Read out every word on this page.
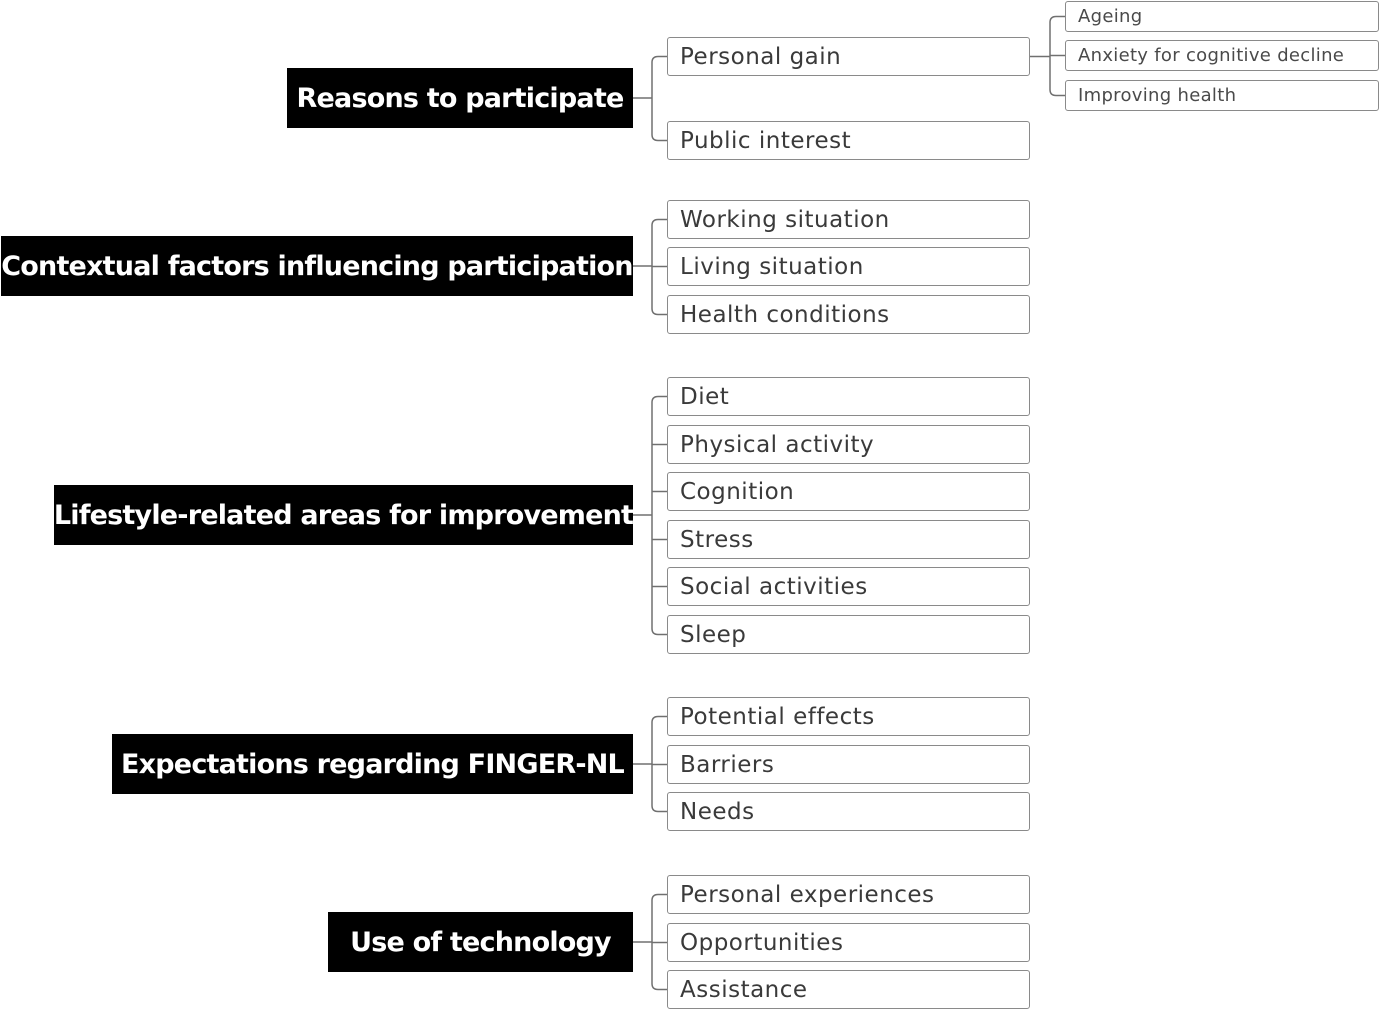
Reasons to participate
Personal gain
Ageing
Anxiety for cognitive decline
Improving health
Public interest
Contextual factors influencing participation
Working situation
Living situation
Health conditions
Lifestyle-related areas for improvement
Diet
Physical activity
Cognition
Stress
Social activities
Sleep
Expectations regarding FINGER-NL
Potential effects
Barriers
Needs
Use of technology
Personal experiences
Opportunities
Assistance
